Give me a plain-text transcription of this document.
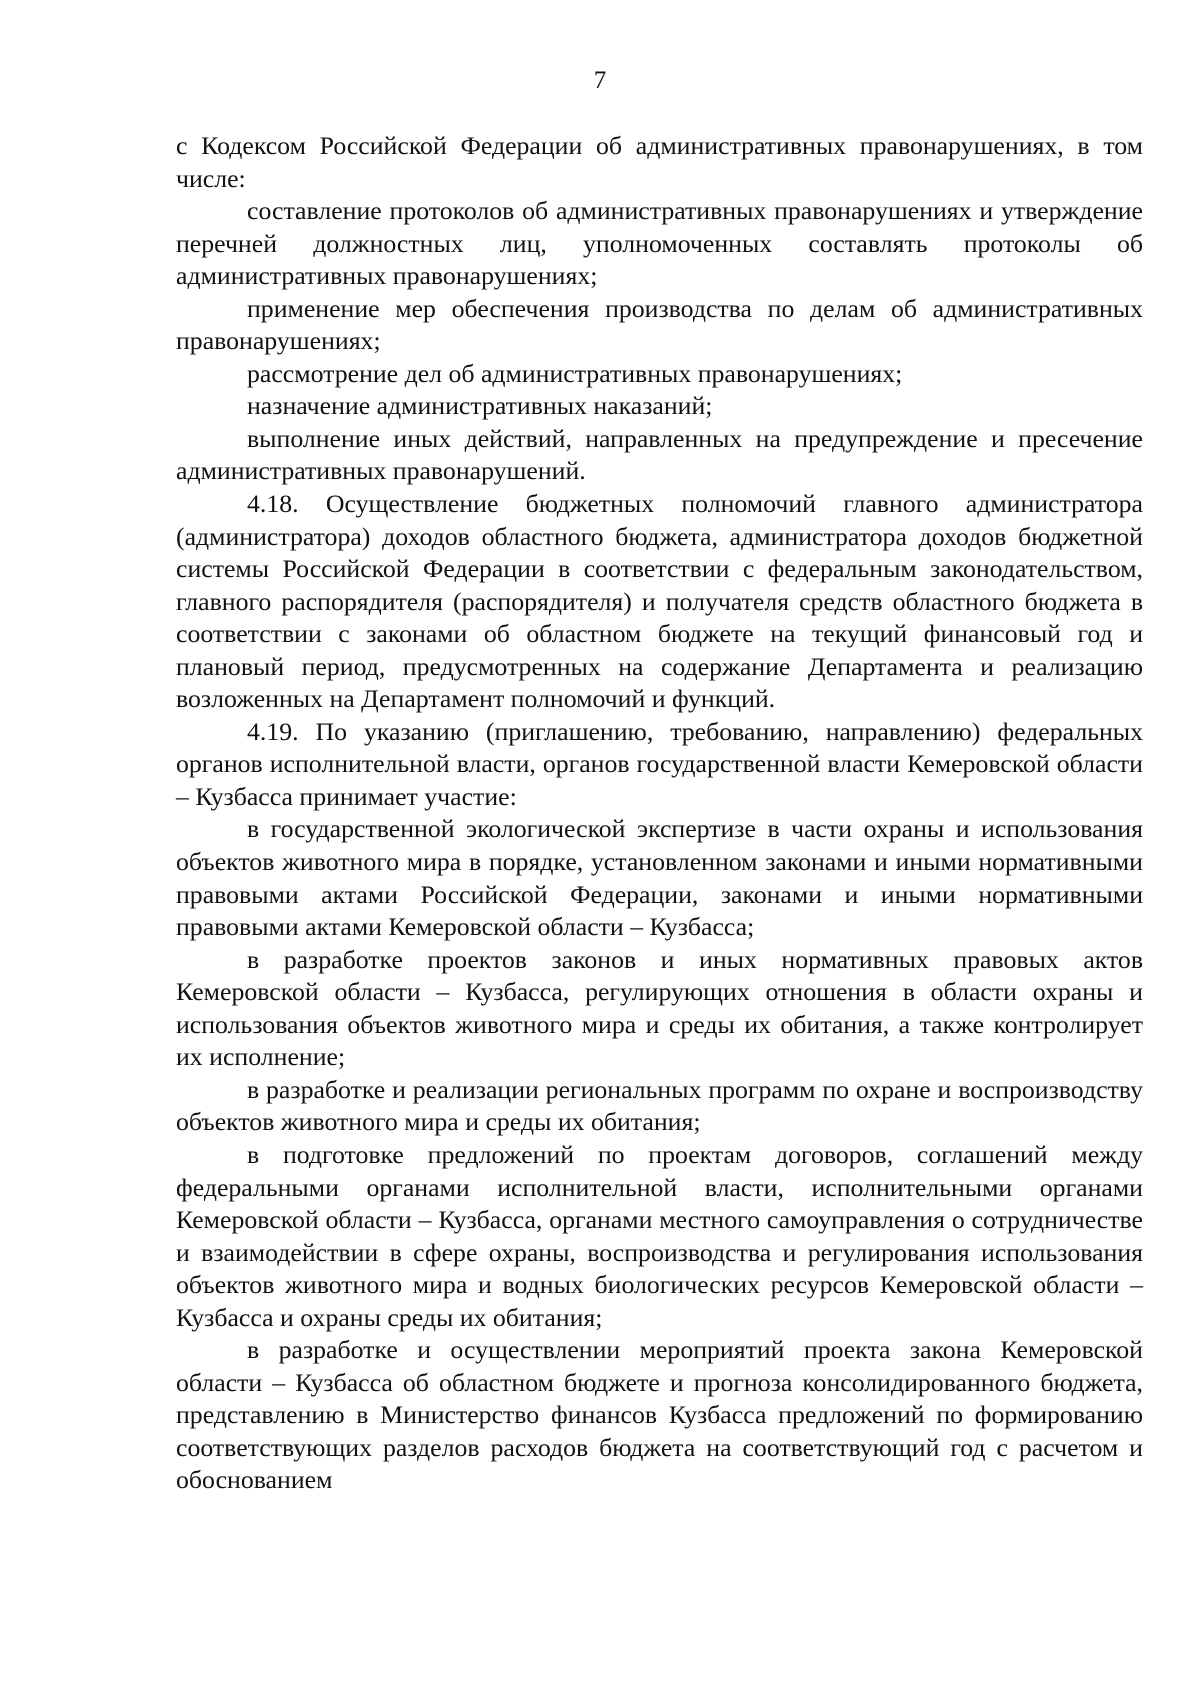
7

с Кодексом Российской Федерации об административных правонарушениях, в том числе:

составление протоколов об административных правонарушениях и утверждение перечней должностных лиц, уполномоченных составлять протоколы об административных правонарушениях;

применение мер обеспечения производства по делам об административных правонарушениях;

рассмотрение дел об административных правонарушениях;

назначение административных наказаний;

выполнение иных действий, направленных на предупреждение и пресечение административных правонарушений.

4.18. Осуществление бюджетных полномочий главного администратора (администратора) доходов областного бюджета, администратора доходов бюджетной системы Российской Федерации в соответствии с федеральным законодательством, главного распорядителя (распорядителя) и получателя средств областного бюджета в соответствии с законами об областном бюджете на текущий финансовый год и плановый период, предусмотренных на содержание Департамента и реализацию возложенных на Департамент полномочий и функций.

4.19. По указанию (приглашению, требованию, направлению) федеральных органов исполнительной власти, органов государственной власти Кемеровской области – Кузбасса принимает участие:

в государственной экологической экспертизе в части охраны и использования объектов животного мира в порядке, установленном законами и иными нормативными правовыми актами Российской Федерации, законами и иными нормативными правовыми актами Кемеровской области – Кузбасса;

в разработке проектов законов и иных нормативных правовых актов Кемеровской области – Кузбасса, регулирующих отношения в области охраны и использования объектов животного мира и среды их обитания, а также контролирует их исполнение;

в разработке и реализации региональных программ по охране и воспроизводству объектов животного мира и среды их обитания;

в подготовке предложений по проектам договоров, соглашений между федеральными органами исполнительной власти, исполнительными органами Кемеровской области – Кузбасса, органами местного самоуправления о сотрудничестве и взаимодействии в сфере охраны, воспроизводства и регулирования использования объектов животного мира и водных биологических ресурсов Кемеровской области – Кузбасса и охраны среды их обитания;

в разработке и осуществлении мероприятий проекта закона Кемеровской области – Кузбасса об областном бюджете и прогноза консолидированного бюджета, представлению в Министерство финансов Кузбасса предложений по формированию соответствующих разделов расходов бюджета на соответствующий год с расчетом и обоснованием
